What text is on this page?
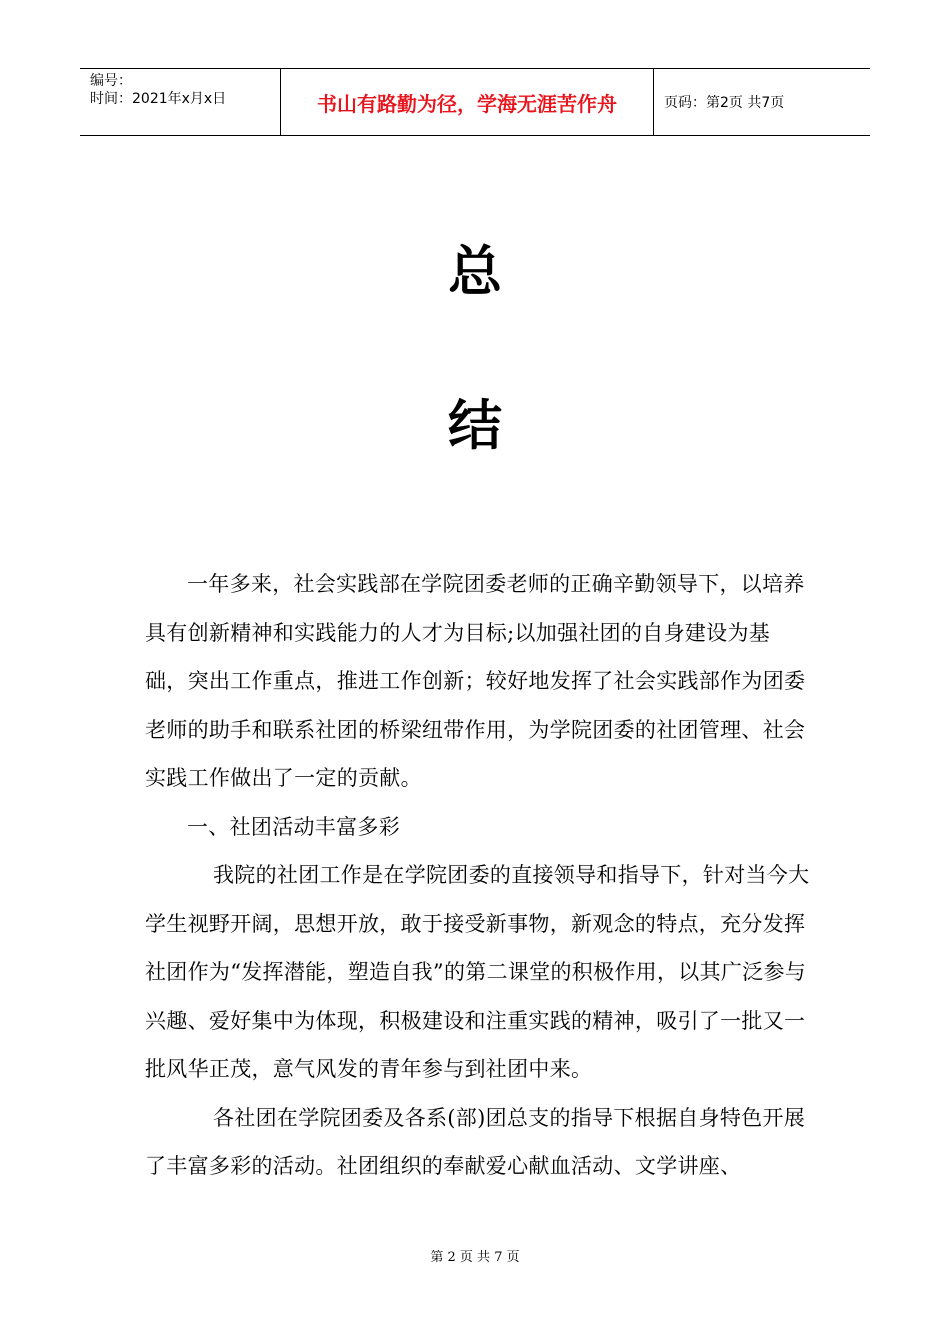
编号：
时间：2021年x月x日	书山有路勤为径，学海无涯苦作舟	页码：第2页 共7页
总
结

一年多来，社会实践部在学院团委老师的正确辛勤领导下，以培养具有创新精神和实践能力的人才为目标;以加强社团的自身建设为基础，突出工作重点，推进工作创新；较好地发挥了社会实践部作为团委老师的助手和联系社团的桥梁纽带作用，为学院团委的社团管理、社会实践工作做出了一定的贡献。

一、社团活动丰富多彩

我院的社团工作是在学院团委的直接领导和指导下，针对当今大学生视野开阔，思想开放，敢于接受新事物，新观念的特点，充分发挥社团作为“发挥潜能，塑造自我”的第二课堂的积极作用，以其广泛参与兴趣、爱好集中为体现，积极建设和注重实践的精神，吸引了一批又一批风华正茂，意气风发的青年参与到社团中来。

各社团在学院团委及各系(部)团总支的指导下根据自身特色开展了丰富多彩的活动。社团组织的奉献爱心献血活动、文学讲座、

第 2 页 共 7 页
